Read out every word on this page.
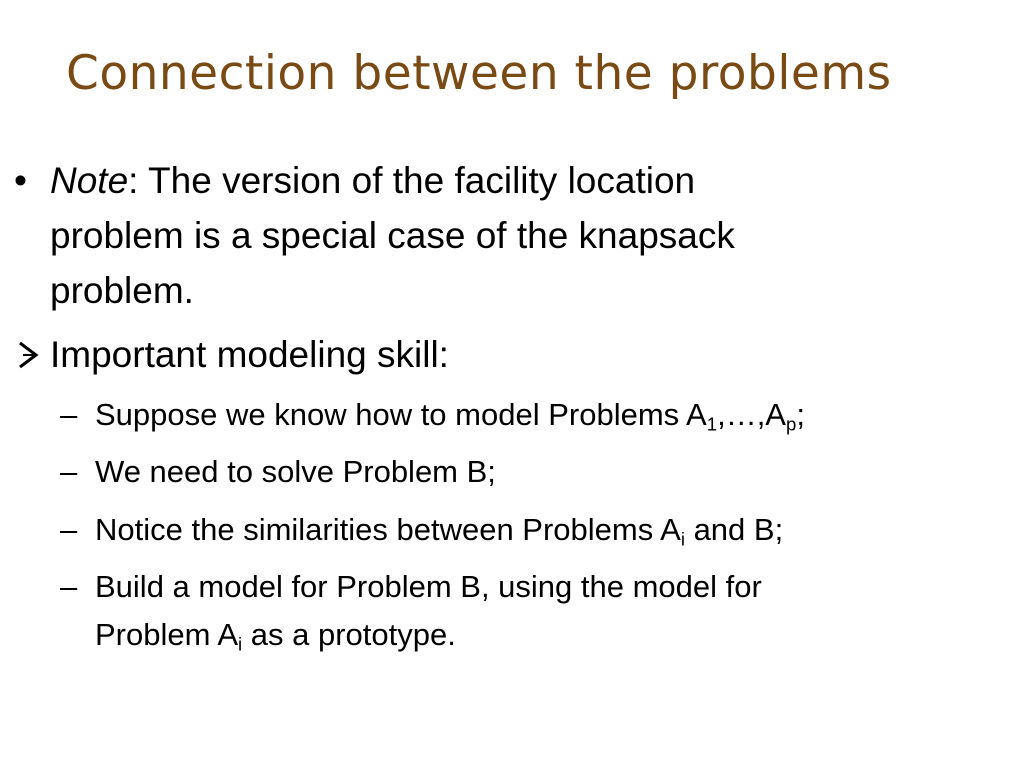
Connection between the problems
• Note: The version of the facility location
problem is a special case of the knapsack
problem.
Important modeling skill:
– Suppose we know how to model Problems $A_1,\dots,A_p$;
– We need to solve Problem B;
– Notice the similarities between Problems $A_i$ and B;
– Build a model for Problem B, using the model for
Problem $A_i$ as a prototype.
